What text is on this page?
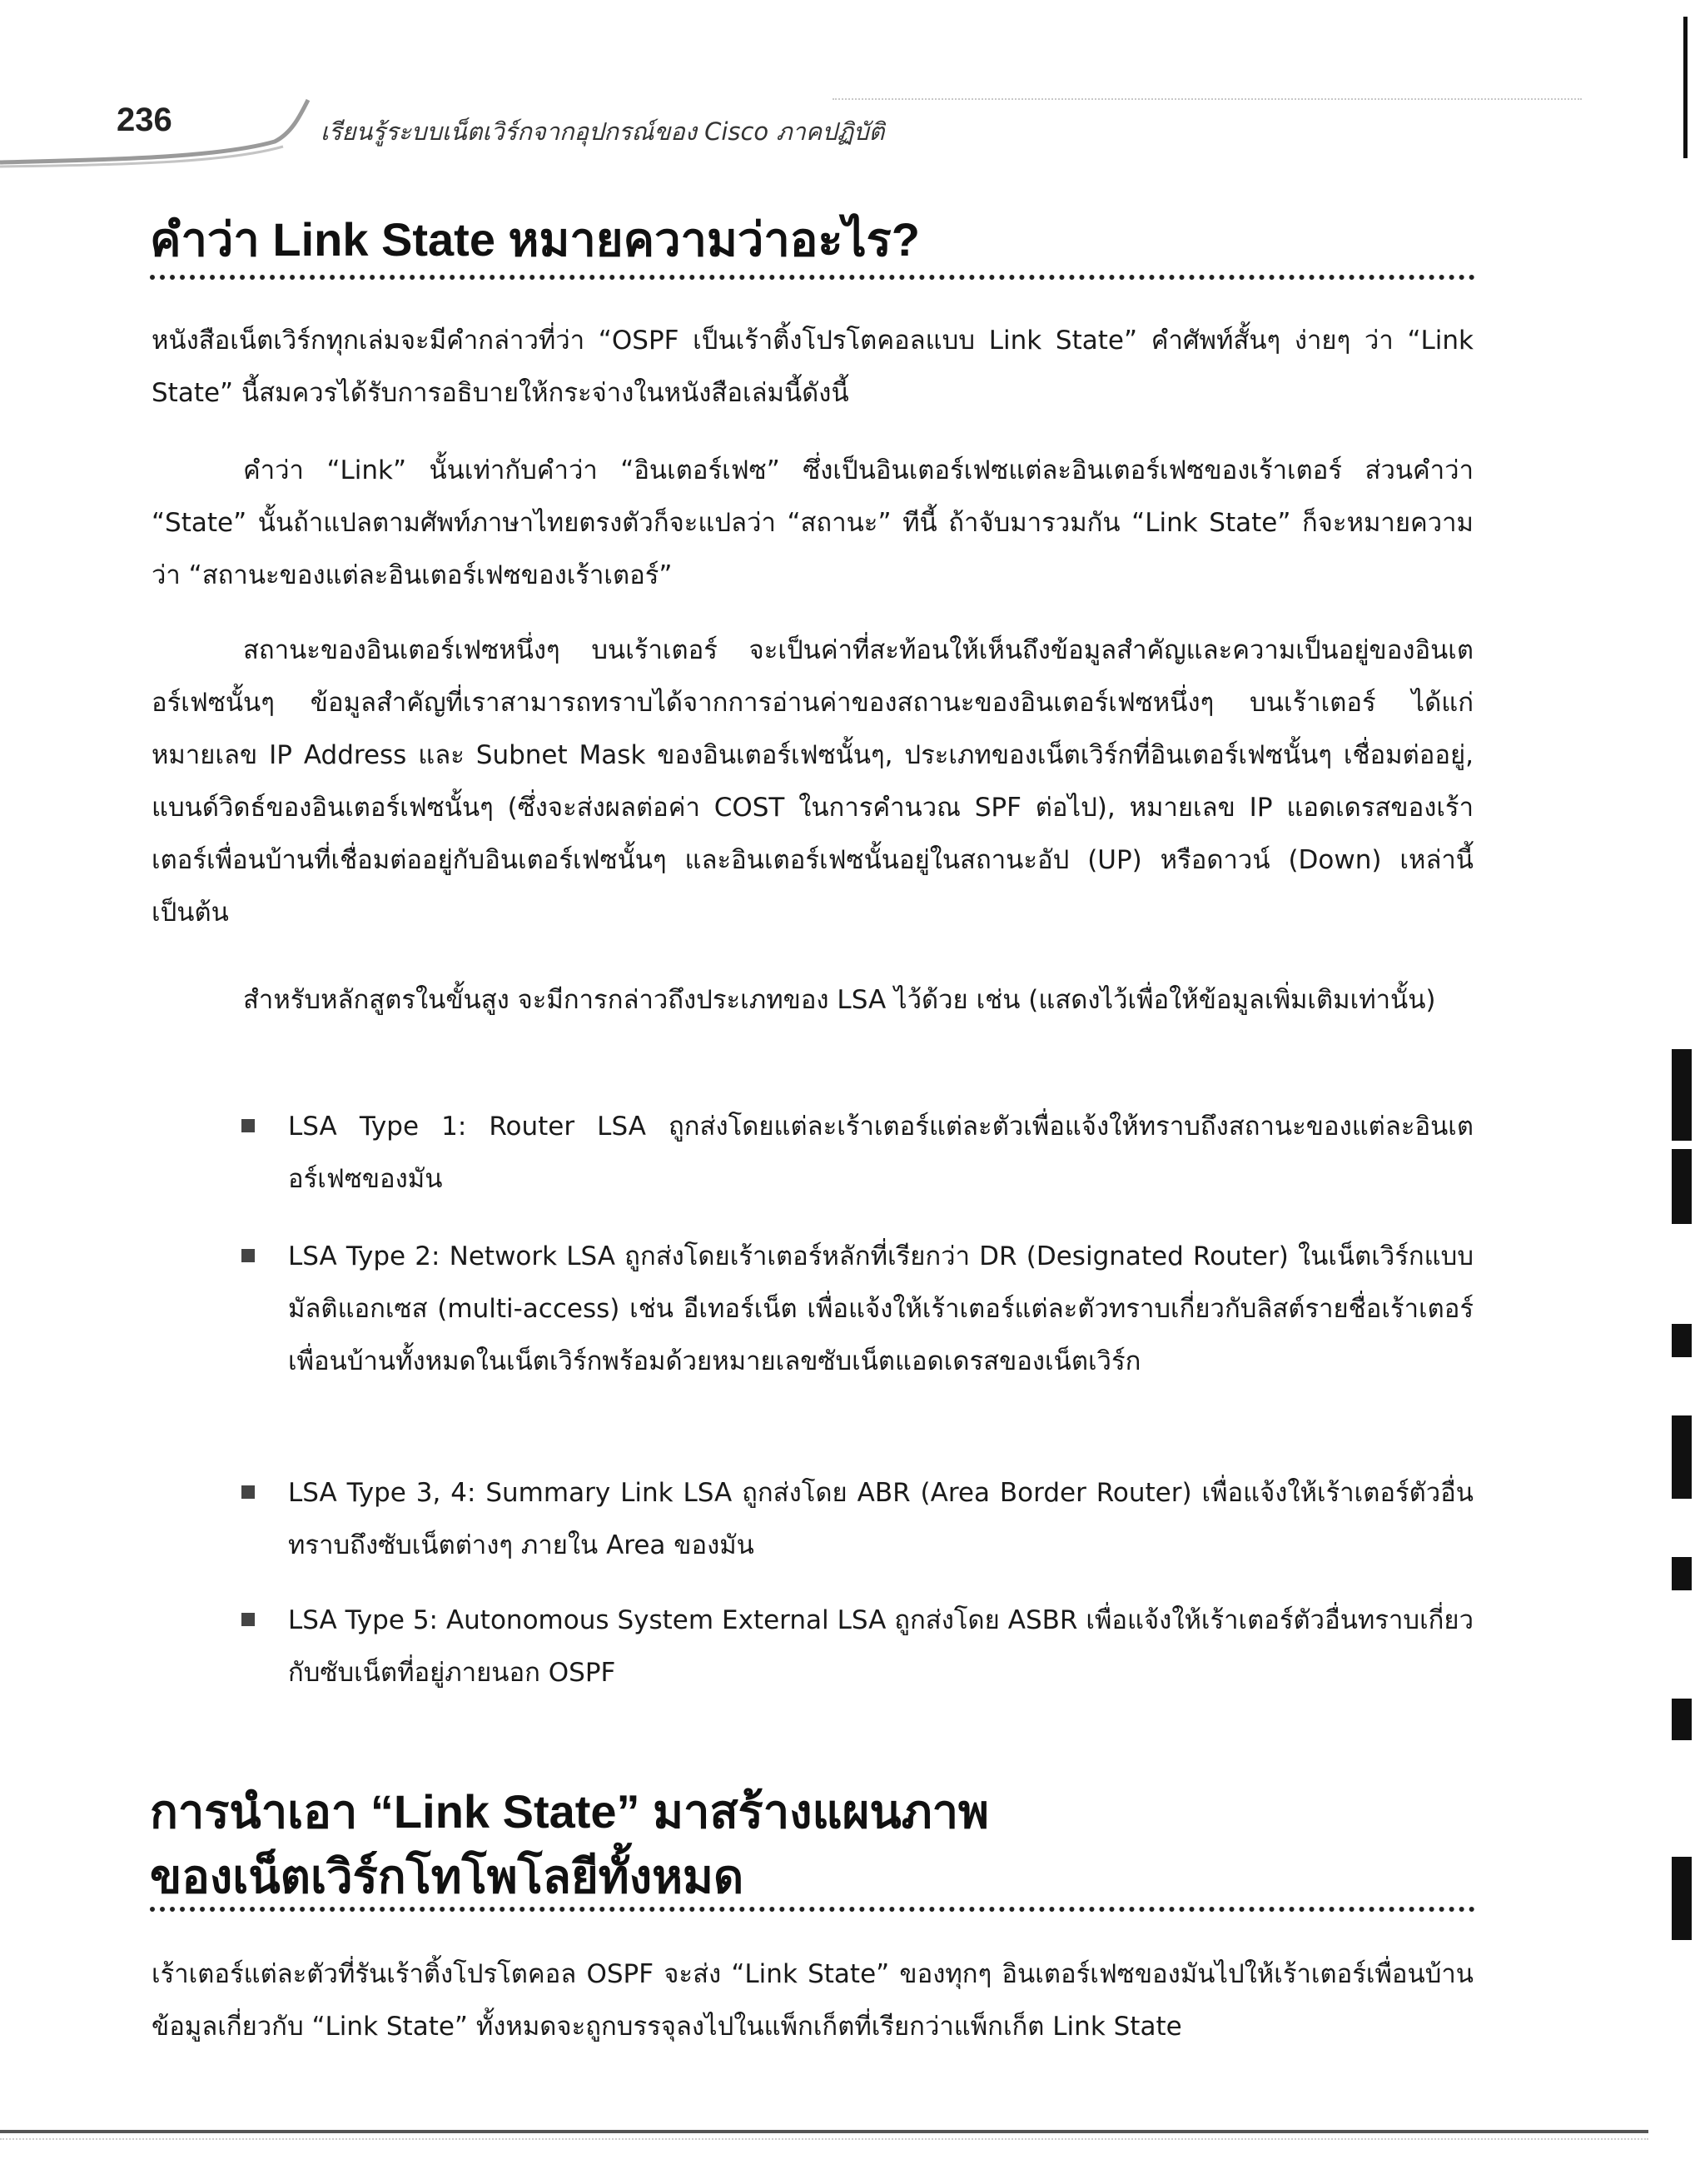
236	เรียนรู้ระบบเน็ตเวิร์กจากอุปกรณ์ของ Cisco ภาคปฏิบัติ
คำว่า Link State หมายความว่าอะไร?

หนังสือเน็ตเวิร์กทุกเล่มจะมีคำกล่าวที่ว่า “OSPF เป็นเร้าติ้งโปรโตคอลแบบ Link State” คำศัพท์สั้นๆ ง่ายๆ ว่า “Link State” นี้สมควรได้รับการอธิบายให้กระจ่างในหนังสือเล่มนี้ดังนี้

คำว่า “Link” นั้นเท่ากับคำว่า “อินเตอร์เฟซ” ซึ่งเป็นอินเตอร์เฟซแต่ละอินเตอร์เฟซของเร้าเตอร์ ส่วนคำว่า “State” นั้นถ้าแปลตามศัพท์ภาษาไทยตรงตัวก็จะแปลว่า “สถานะ” ทีนี้ ถ้าจับมารวมกัน “Link State” ก็จะหมายความว่า “สถานะของแต่ละอินเตอร์เฟซของเร้าเตอร์”

สถานะของอินเตอร์เฟซหนึ่งๆ บนเร้าเตอร์ จะเป็นค่าที่สะท้อนให้เห็นถึงข้อมูลสำคัญและความเป็นอยู่ของอินเตอร์เฟซนั้นๆ ข้อมูลสำคัญที่เราสามารถทราบได้จากการอ่านค่าของสถานะของอินเตอร์เฟซหนึ่งๆ บนเร้าเตอร์ ได้แก่ หมายเลข IP Address และ Subnet Mask ของอินเตอร์เฟซนั้นๆ, ประเภทของเน็ตเวิร์กที่อินเตอร์เฟซนั้นๆ เชื่อมต่ออยู่, แบนด์วิดธ์ของอินเตอร์เฟซนั้นๆ (ซึ่งจะส่งผลต่อค่า COST ในการคำนวณ SPF ต่อไป), หมายเลข IP แอดเดรสของเร้าเตอร์เพื่อนบ้านที่เชื่อมต่ออยู่กับอินเตอร์เฟซนั้นๆ และอินเตอร์เฟซนั้นอยู่ในสถานะอัป (UP) หรือดาวน์ (Down) เหล่านี้เป็นต้น

สำหรับหลักสูตรในขั้นสูง จะมีการกล่าวถึงประเภทของ LSA ไว้ด้วย เช่น (แสดงไว้เพื่อให้ข้อมูลเพิ่มเติมเท่านั้น)

LSA Type 1: Router LSA ถูกส่งโดยแต่ละเร้าเตอร์แต่ละตัวเพื่อแจ้งให้ทราบถึงสถานะของแต่ละอินเตอร์เฟซของมัน

LSA Type 2: Network LSA ถูกส่งโดยเร้าเตอร์หลักที่เรียกว่า DR (Designated Router) ในเน็ตเวิร์กแบบมัลติแอกเซส (multi-access) เช่น อีเทอร์เน็ต เพื่อแจ้งให้เร้าเตอร์แต่ละตัวทราบเกี่ยวกับลิสต์รายชื่อเร้าเตอร์เพื่อนบ้านทั้งหมดในเน็ตเวิร์กพร้อมด้วยหมายเลขซับเน็ตแอดเดรสของเน็ตเวิร์ก

LSA Type 3, 4: Summary Link LSA ถูกส่งโดย ABR (Area Border Router) เพื่อแจ้งให้เร้าเตอร์ตัวอื่นทราบถึงซับเน็ตต่างๆ ภายใน Area ของมัน

LSA Type 5: Autonomous System External LSA ถูกส่งโดย ASBR เพื่อแจ้งให้เร้าเตอร์ตัวอื่นทราบเกี่ยวกับซับเน็ตที่อยู่ภายนอก OSPF

การนำเอา “Link State” มาสร้างแผนภาพ
ของเน็ตเวิร์กโทโพโลยีทั้งหมด

เร้าเตอร์แต่ละตัวที่รันเร้าติ้งโปรโตคอล OSPF จะส่ง “Link State” ของทุกๆ อินเตอร์เฟซของมันไปให้เร้าเตอร์เพื่อนบ้าน ข้อมูลเกี่ยวกับ “Link State” ทั้งหมดจะถูกบรรจุลงไปในแพ็กเก็ตที่เรียกว่าแพ็กเก็ต Link State
